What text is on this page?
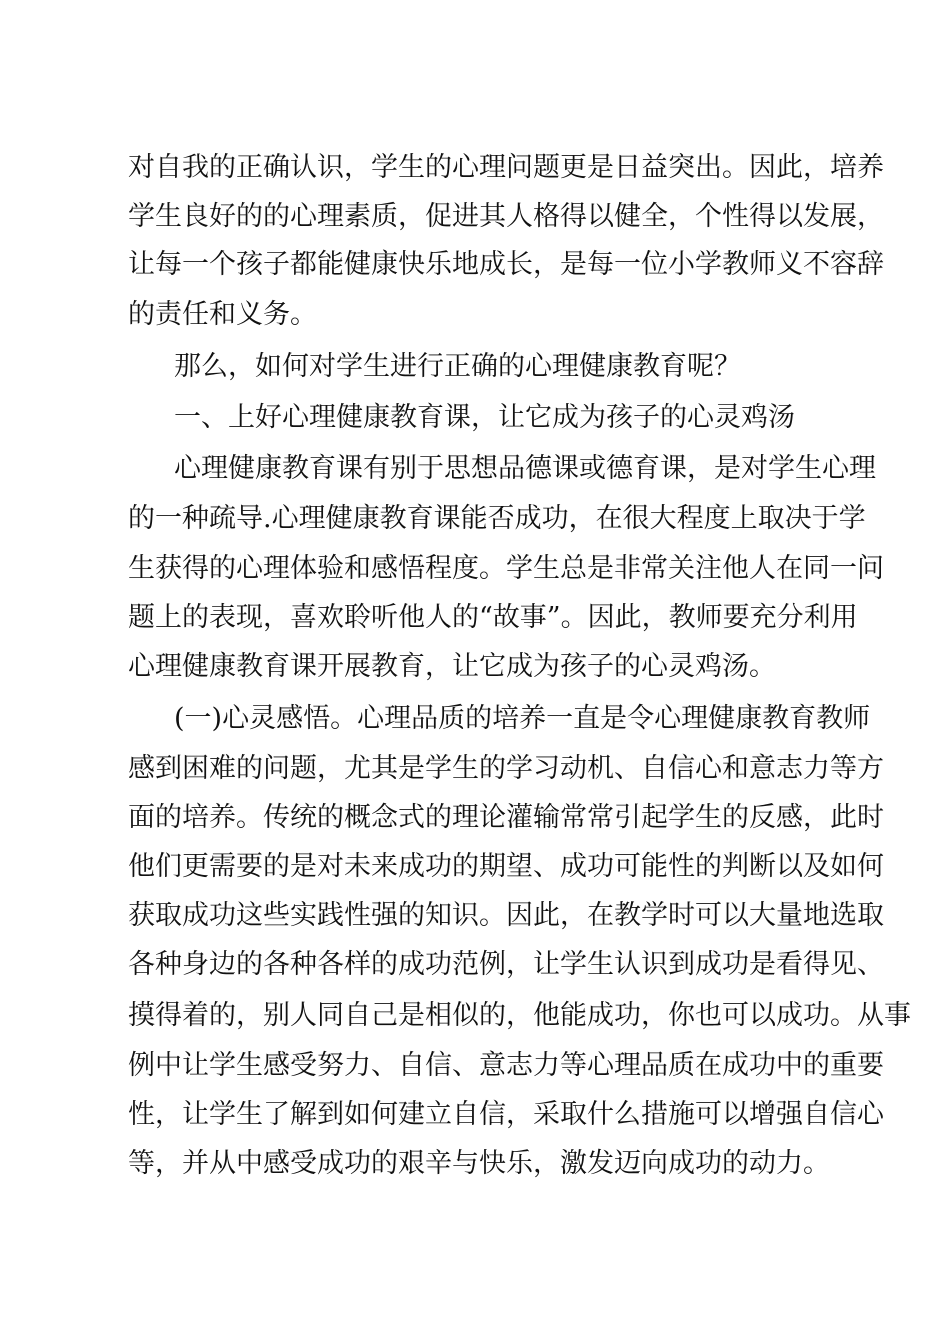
对自我的正确认识，学生的心理问题更是日益突出。因此，培养
学生良好的的心理素质，促进其人格得以健全，个性得以发展，
让每一个孩子都能健康快乐地成长，是每一位小学教师义不容辞
的责任和义务。
那么，如何对学生进行正确的心理健康教育呢？
一、上好心理健康教育课，让它成为孩子的心灵鸡汤
心理健康教育课有别于思想品德课或德育课，是对学生心理
的一种疏导.心理健康教育课能否成功，在很大程度上取决于学
生获得的心理体验和感悟程度。学生总是非常关注他人在同一问
题上的表现，喜欢聆听他人的“故事”。因此，教师要充分利用
心理健康教育课开展教育，让它成为孩子的心灵鸡汤。
(一)心灵感悟。心理品质的培养一直是令心理健康教育教师
感到困难的问题，尤其是学生的学习动机、自信心和意志力等方
面的培养。传统的概念式的理论灌输常常引起学生的反感，此时
他们更需要的是对未来成功的期望、成功可能性的判断以及如何
获取成功这些实践性强的知识。因此，在教学时可以大量地选取
各种身边的各种各样的成功范例，让学生认识到成功是看得见、
摸得着的，别人同自己是相似的，他能成功，你也可以成功。从事
例中让学生感受努力、自信、意志力等心理品质在成功中的重要
性，让学生了解到如何建立自信，采取什么措施可以增强自信心
等，并从中感受成功的艰辛与快乐，激发迈向成功的动力。
